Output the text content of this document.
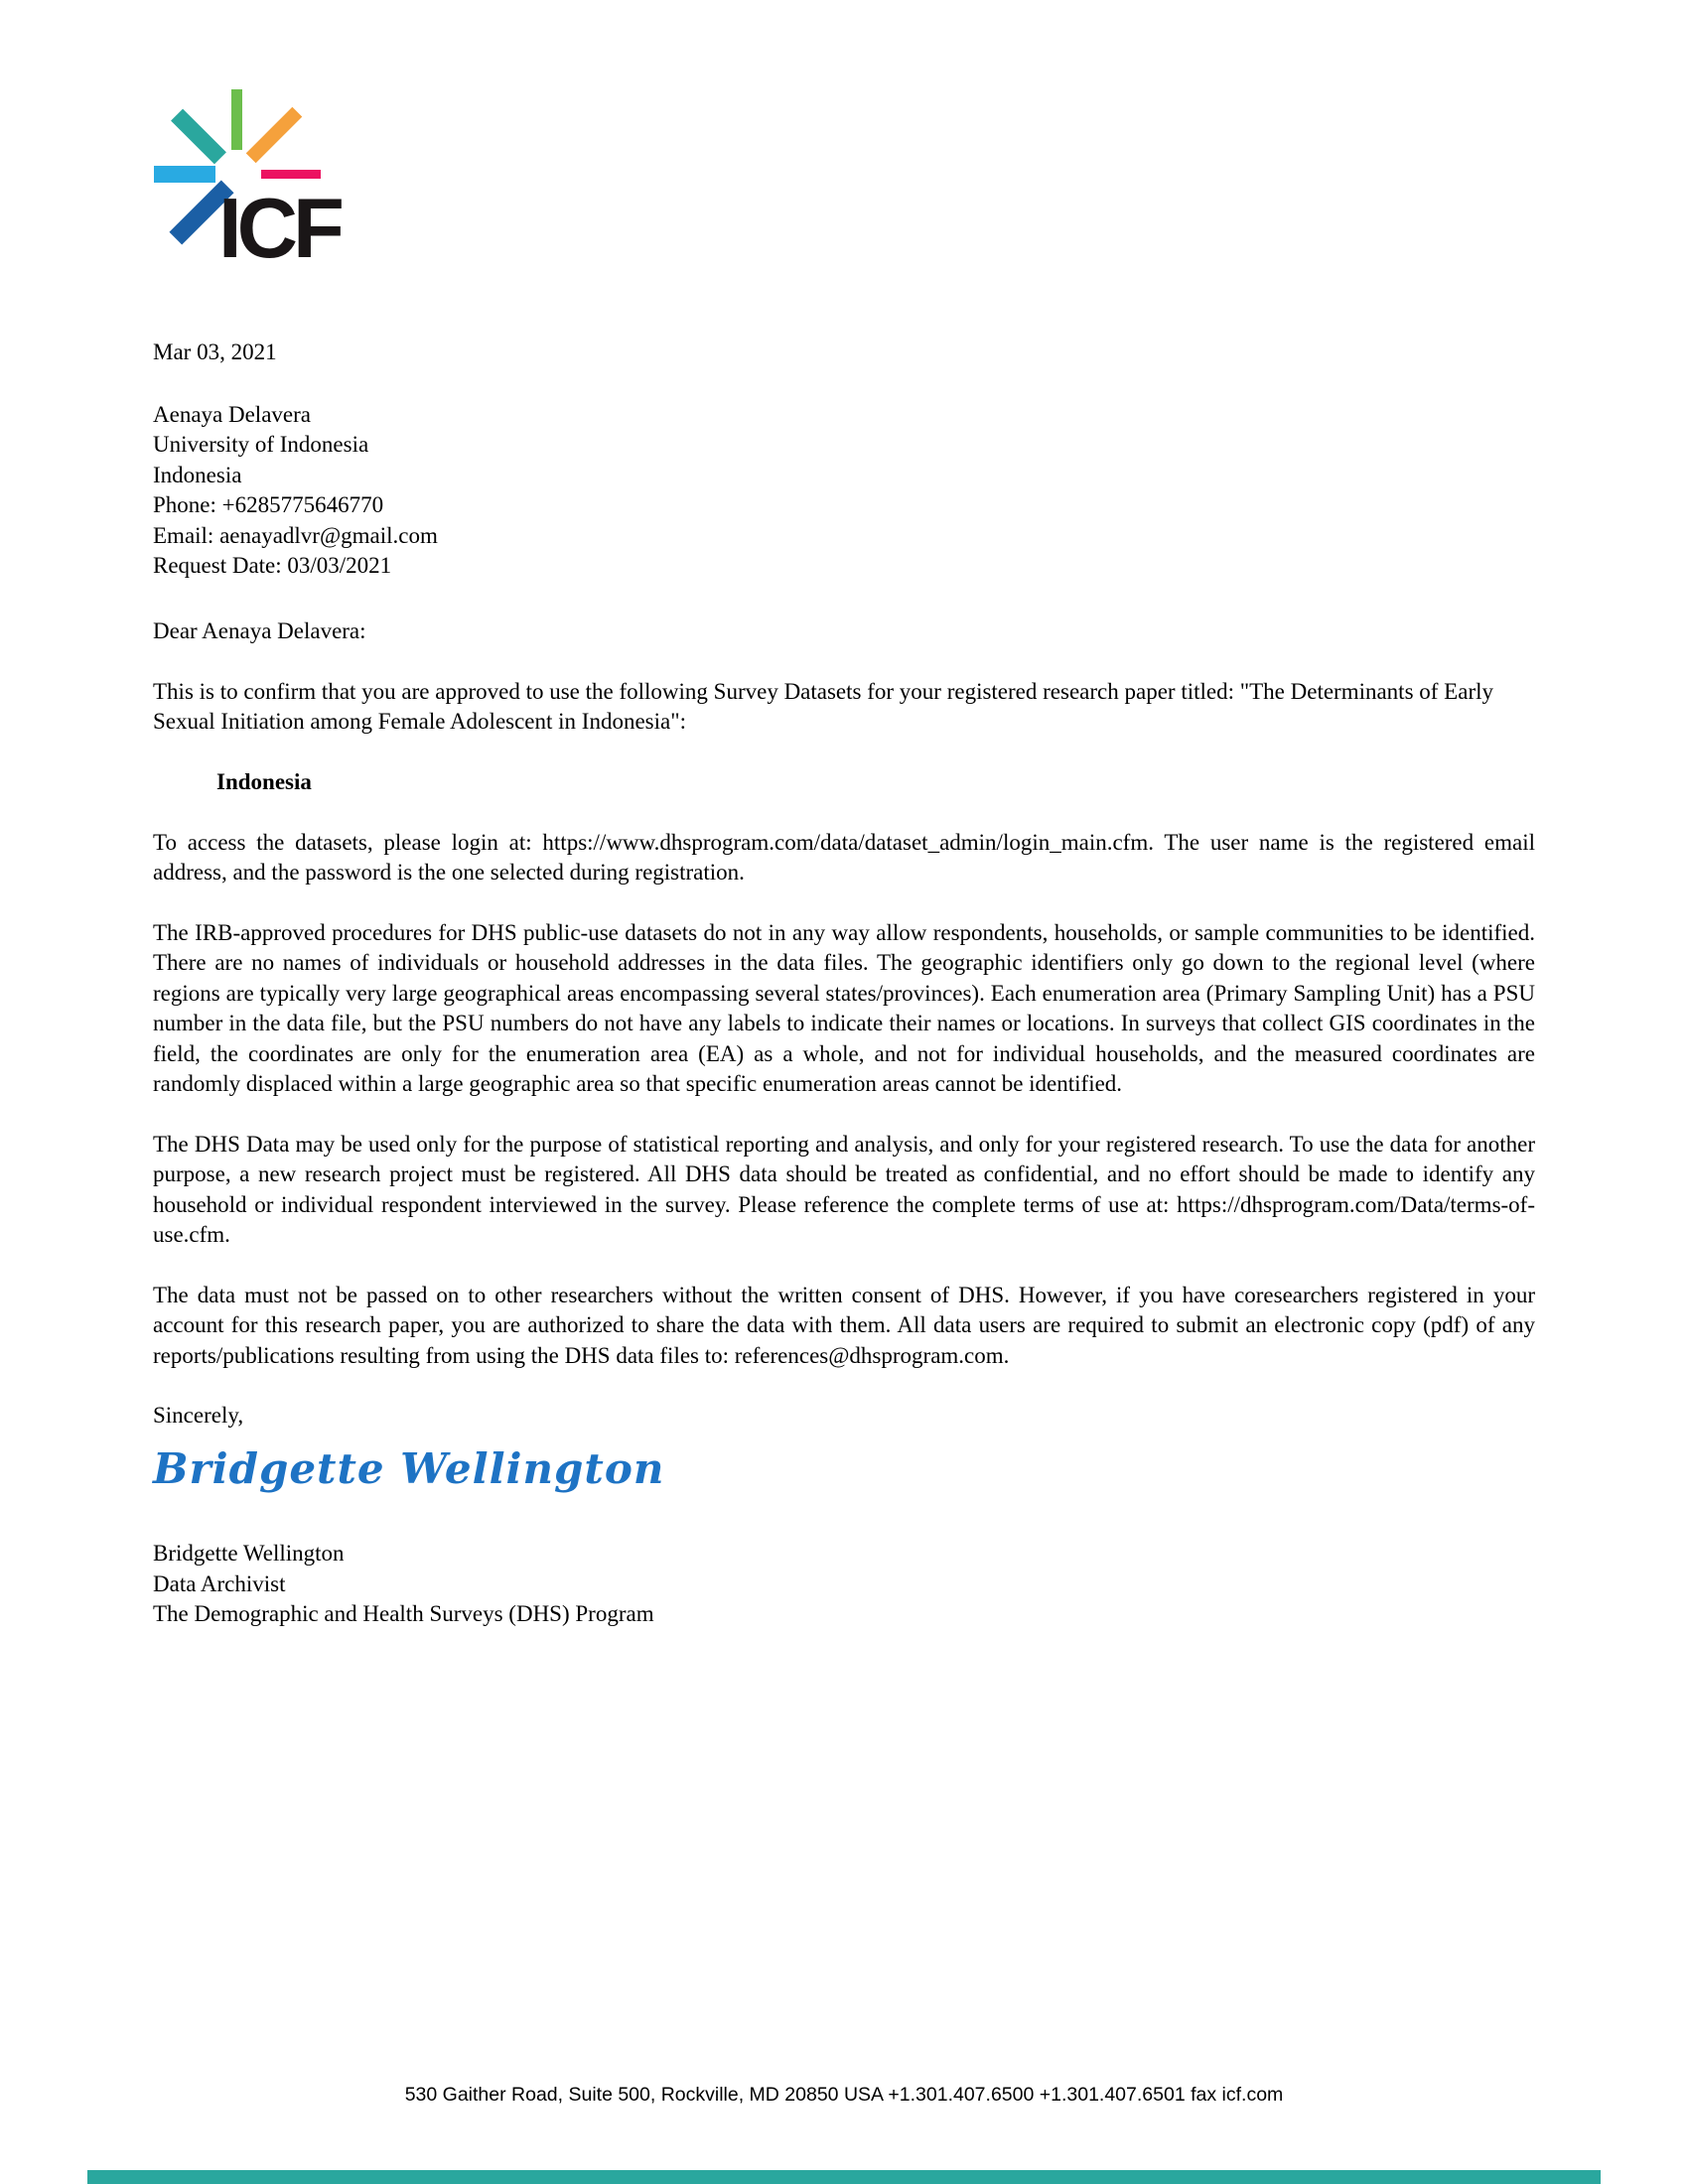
ICF

Mar 03, 2021

Aenaya Delavera

University of Indonesia

Indonesia

Phone: +6285775646770

Email: aenayadlvr@gmail.com

Request Date: 03/03/2021

Dear Aenaya Delavera:

This is to confirm that you are approved to use the following Survey Datasets for your registered research paper titled: "The Determinants of Early Sexual Initiation among Female Adolescent in Indonesia":

Indonesia

To access the datasets, please login at: https://www.dhsprogram.com/data/dataset_admin/login_main.cfm. The user name is the registered email address, and the password is the one selected during registration.

The IRB-approved procedures for DHS public-use datasets do not in any way allow respondents, households, or sample communities to be identified. There are no names of individuals or household addresses in the data files. The geographic identifiers only go down to the regional level (where regions are typically very large geographical areas encompassing several states/provinces). Each enumeration area (Primary Sampling Unit) has a PSU number in the data file, but the PSU numbers do not have any labels to indicate their names or locations. In surveys that collect GIS coordinates in the field, the coordinates are only for the enumeration area (EA) as a whole, and not for individual households, and the measured coordinates are randomly displaced within a large geographic area so that specific enumeration areas cannot be identified.

The DHS Data may be used only for the purpose of statistical reporting and analysis, and only for your registered research. To use the data for another purpose, a new research project must be registered. All DHS data should be treated as confidential, and no effort should be made to identify any household or individual respondent interviewed in the survey. Please reference the complete terms of use at: https://dhsprogram.com/Data/terms-of-use.cfm.

The data must not be passed on to other researchers without the written consent of DHS. However, if you have coresearchers registered in your account for this research paper, you are authorized to share the data with them. All data users are required to submit an electronic copy (pdf) of any reports/publications resulting from using the DHS data files to: references@dhsprogram.com.

Sincerely,

Bridgette Wellington

Bridgette Wellington

Data Archivist

The Demographic and Health Surveys (DHS) Program

530 Gaither Road, Suite 500, Rockville, MD 20850 USA +1.301.407.6500 +1.301.407.6501 fax icf.com
